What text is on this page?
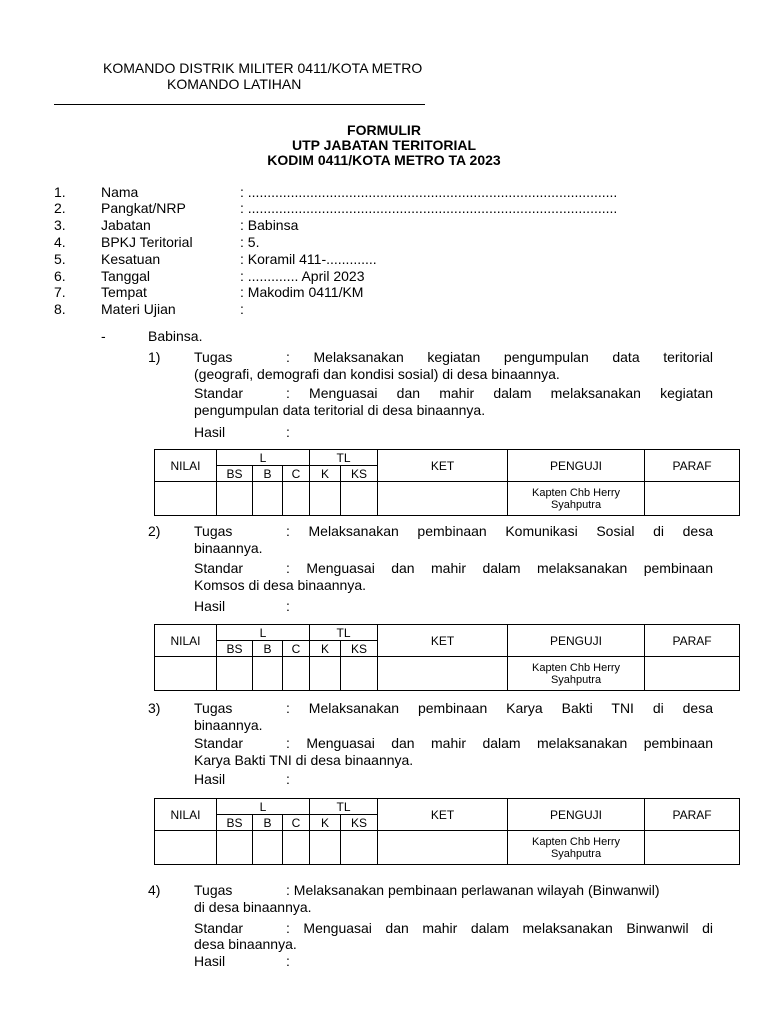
KOMANDO DISTRIK MILITER 0411/KOTA METRO
KOMANDO LATIHAN
FORMULIR
UTP JABATAN TERITORIAL
KODIM 0411/KOTA METRO TA 2023
1.	Nama	: ...............................................................................................
2.	Pangkat/NRP	: ...............................................................................................
3.	Jabatan	: Babinsa
4.	BPKJ Teritorial	: 5.
5.	Kesatuan	: Koramil 411-.............
6.	Tanggal	: ............. April 2023
7.	Tempat	: Makodim 0411/KM
8.	Materi Ujian	:
-	Babinsa.
1) Tugas	: Melaksanakan kegiatan pengumpulan data teritorial
(geografi, demografi dan kondisi sosial) di desa binaannya.
Standar	: Menguasai dan mahir dalam melaksanakan kegiatan
pengumpulan data teritorial di desa binaannya.
Hasil	:
NILAI	L			TL		KET	PENGUJI	PARAF
	BS	B	C	K	KS			

							Kapten Chb Herry
Syahputra	

2) Tugas	: Melaksanakan pembinaan Komunikasi Sosial di desa
binaannya.
Standar	: Menguasai dan mahir dalam melaksanakan pembinaan
Komsos di desa binaannya.
Hasil	:
NILAI	L			TL		KET	PENGUJI	PARAF
	BS	B	C	K	KS			

							Kapten Chb Herry
Syahputra	

3) Tugas	: Melaksanakan pembinaan Karya Bakti TNI di desa
binaannya.
Standar	: Menguasai dan mahir dalam melaksanakan pembinaan
Karya Bakti TNI di desa binaannya.
Hasil	:
NILAI	L			TL		KET	PENGUJI	PARAF
	BS	B	C	K	KS			

							Kapten Chb Herry
Syahputra	

4) Tugas	: Melaksanakan pembinaan perlawanan wilayah (Binwanwil)
di desa binaannya.
Standar	: Menguasai dan mahir dalam melaksanakan Binwanwil di
desa binaannya.
Hasil	:
